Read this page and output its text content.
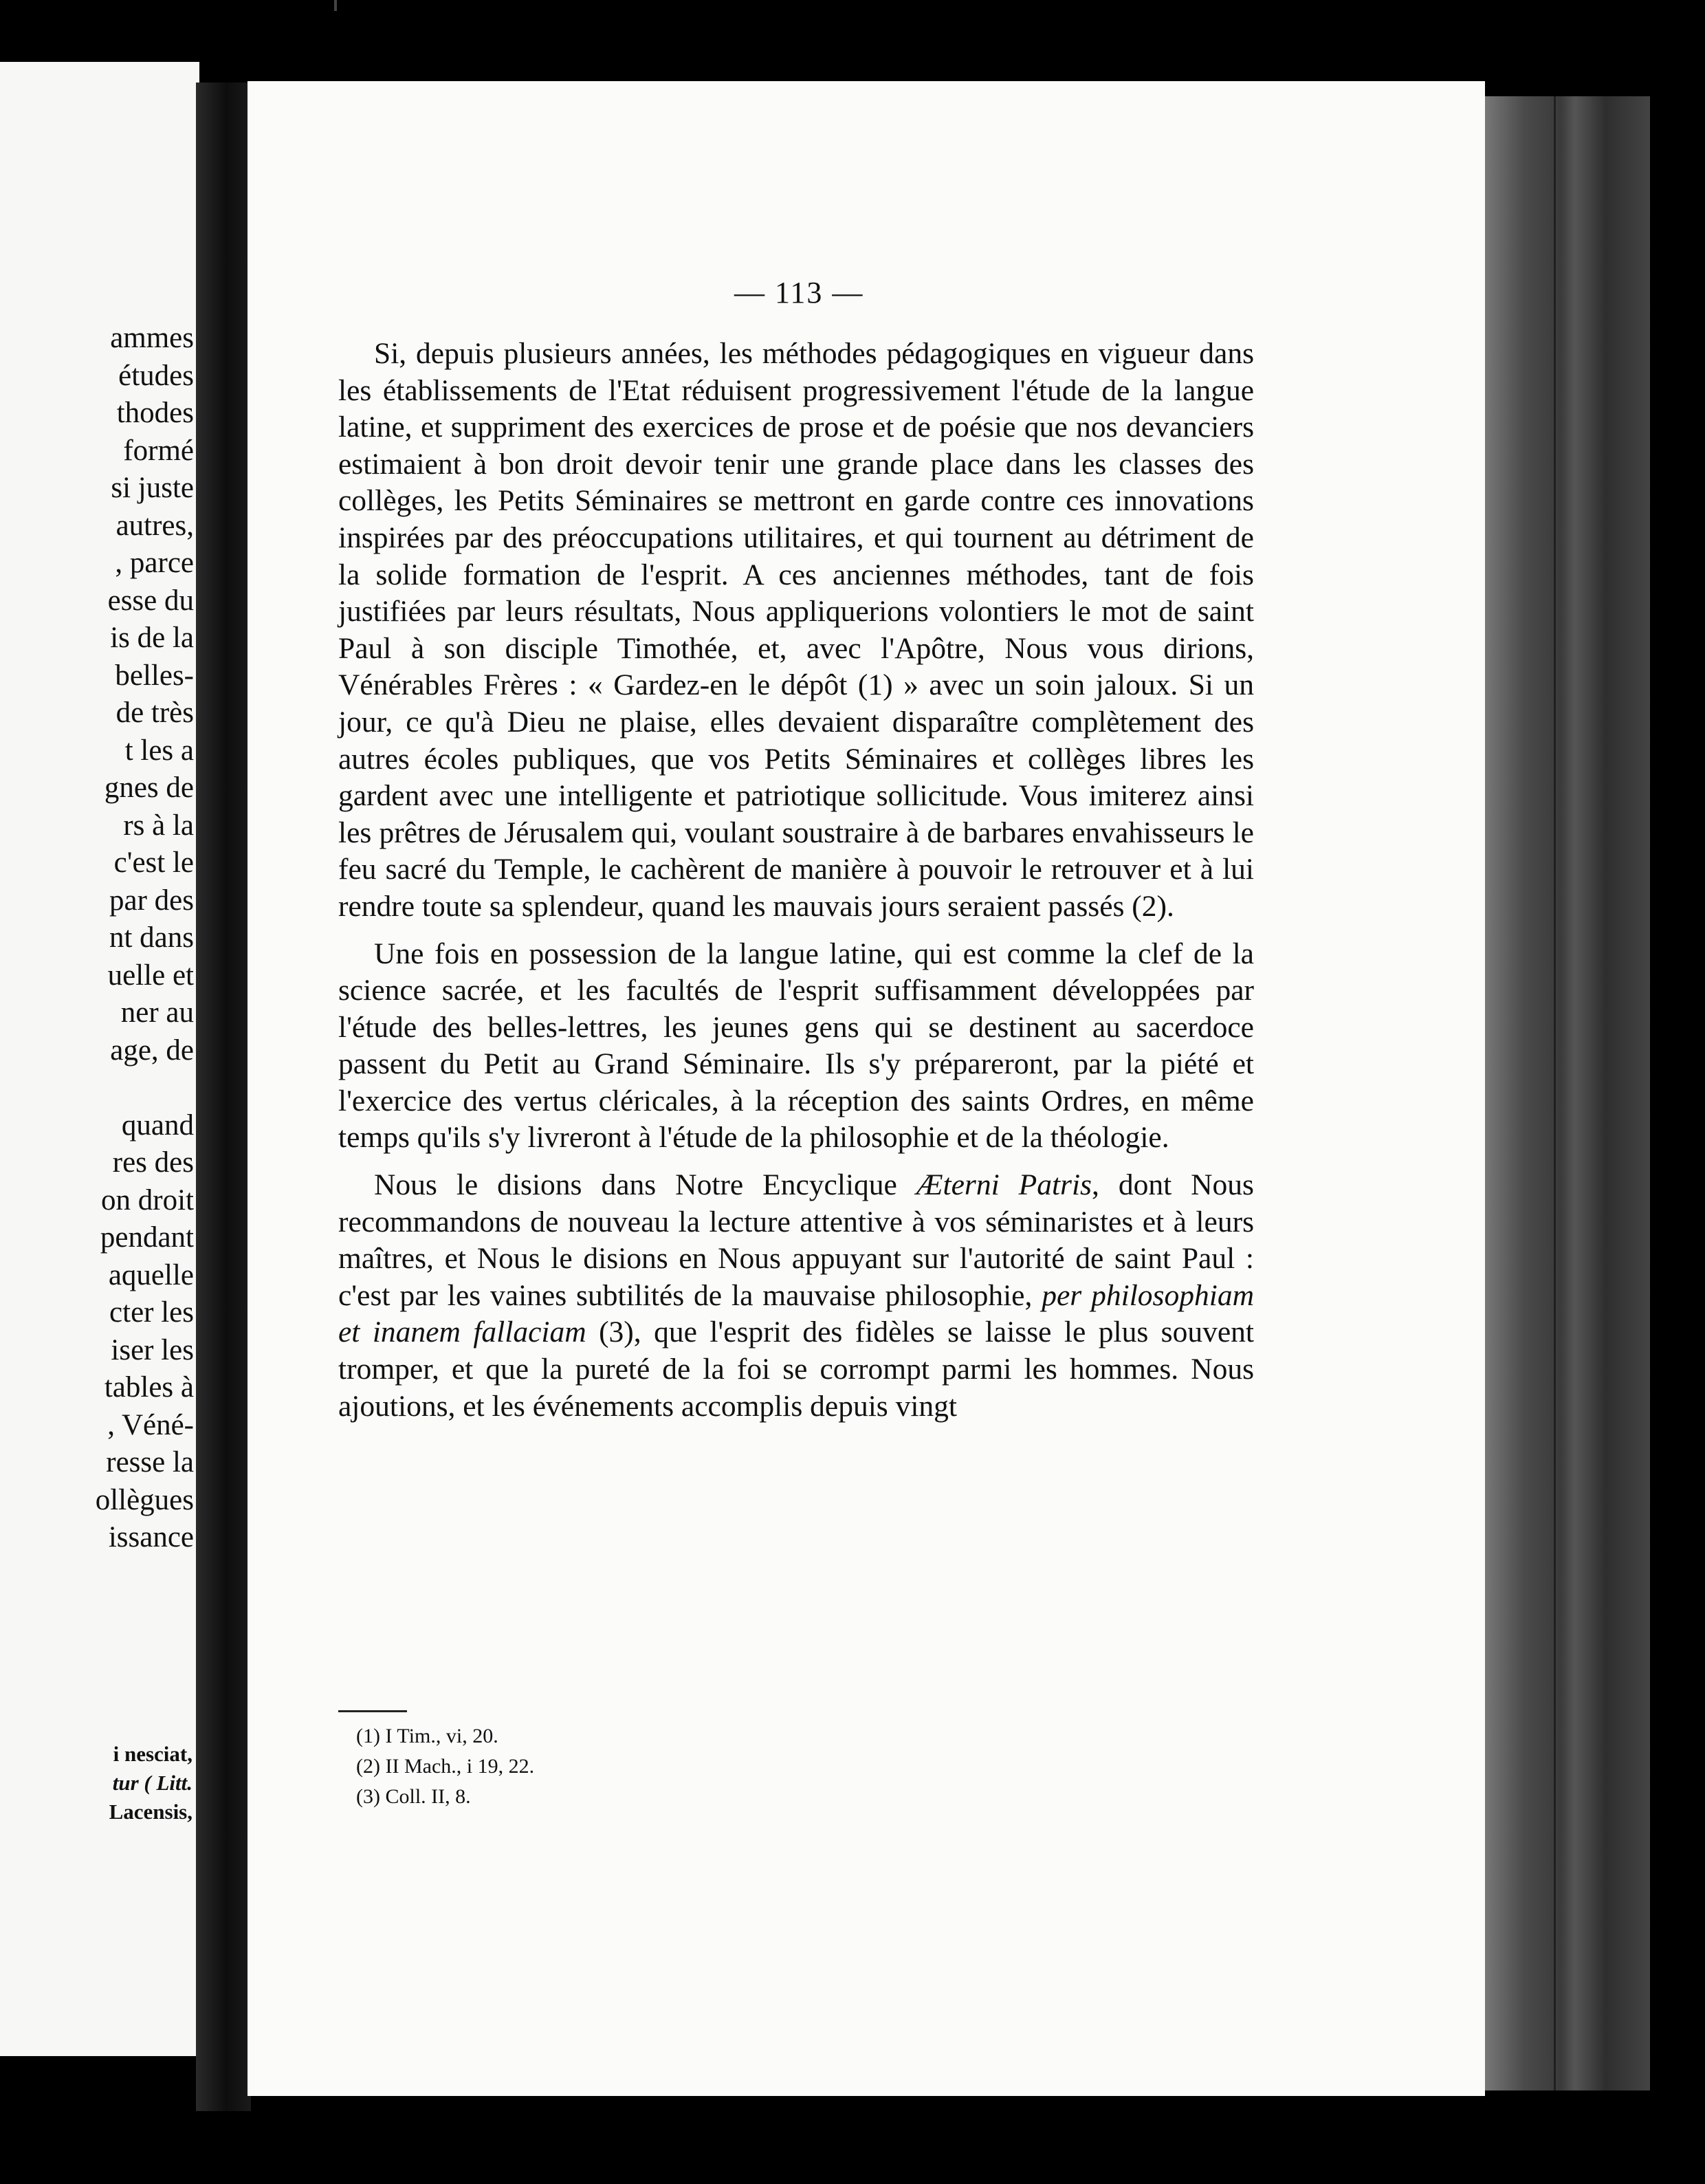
ammes
études
thodes
formé
si juste
autres,
, parce
esse du
is de la
belles-
de très
t les a
gnes de
rs à la
c'est le
par des
nt dans
uelle et
ner au
age, de
quand
res des
on droit
pendant
aquelle
cter les
iser les
tables à
, Véné-
resse la
ollègues
issance
i nesciat,
tur ( Litt.
Lacensis,
— 113 —

Si, depuis plusieurs années, les méthodes pédagogiques en vigueur dans les établissements de l'Etat réduisent progressivement l'étude de la langue latine, et suppriment des exercices de prose et de poésie que nos devanciers estimaient à bon droit devoir tenir une grande place dans les classes des collèges, les Petits Séminaires se mettront en garde contre ces innovations inspirées par des préoccupations utilitaires, et qui tournent au détriment de la solide formation de l'esprit. A ces anciennes méthodes, tant de fois justifiées par leurs résultats, Nous appliquerions volontiers le mot de saint Paul à son disciple Timothée, et, avec l'Apôtre, Nous vous dirions, Vénérables Frères : « Gardez-en le dépôt (1) » avec un soin jaloux. Si un jour, ce qu'à Dieu ne plaise, elles devaient disparaître complètement des autres écoles publiques, que vos Petits Séminaires et collèges libres les gardent avec une intelligente et patriotique sollicitude. Vous imiterez ainsi les prêtres de Jérusalem qui, voulant soustraire à de barbares envahisseurs le feu sacré du Temple, le cachèrent de manière à pouvoir le retrouver et à lui rendre toute sa splendeur, quand les mauvais jours seraient passés (2).

Une fois en possession de la langue latine, qui est comme la clef de la science sacrée, et les facultés de l'esprit suffisamment développées par l'étude des belles-lettres, les jeunes gens qui se destinent au sacerdoce passent du Petit au Grand Séminaire. Ils s'y prépareront, par la piété et l'exercice des vertus cléricales, à la réception des saints Ordres, en même temps qu'ils s'y livreront à l'étude de la philosophie et de la théologie.

Nous le disions dans Notre Encyclique Æterni Patris, dont Nous recommandons de nouveau la lecture attentive à vos séminaristes et à leurs maîtres, et Nous le disions en Nous appuyant sur l'autorité de saint Paul : c'est par les vaines subtilités de la mauvaise philosophie, per philosophiam et inanem fallaciam (3), que l'esprit des fidèles se laisse le plus souvent tromper, et que la pureté de la foi se corrompt parmi les hommes. Nous ajoutions, et les événements accomplis depuis vingt

(1) I Tim., vi, 20.
(2) II Mach., i 19, 22.
(3) Coll. II, 8.
